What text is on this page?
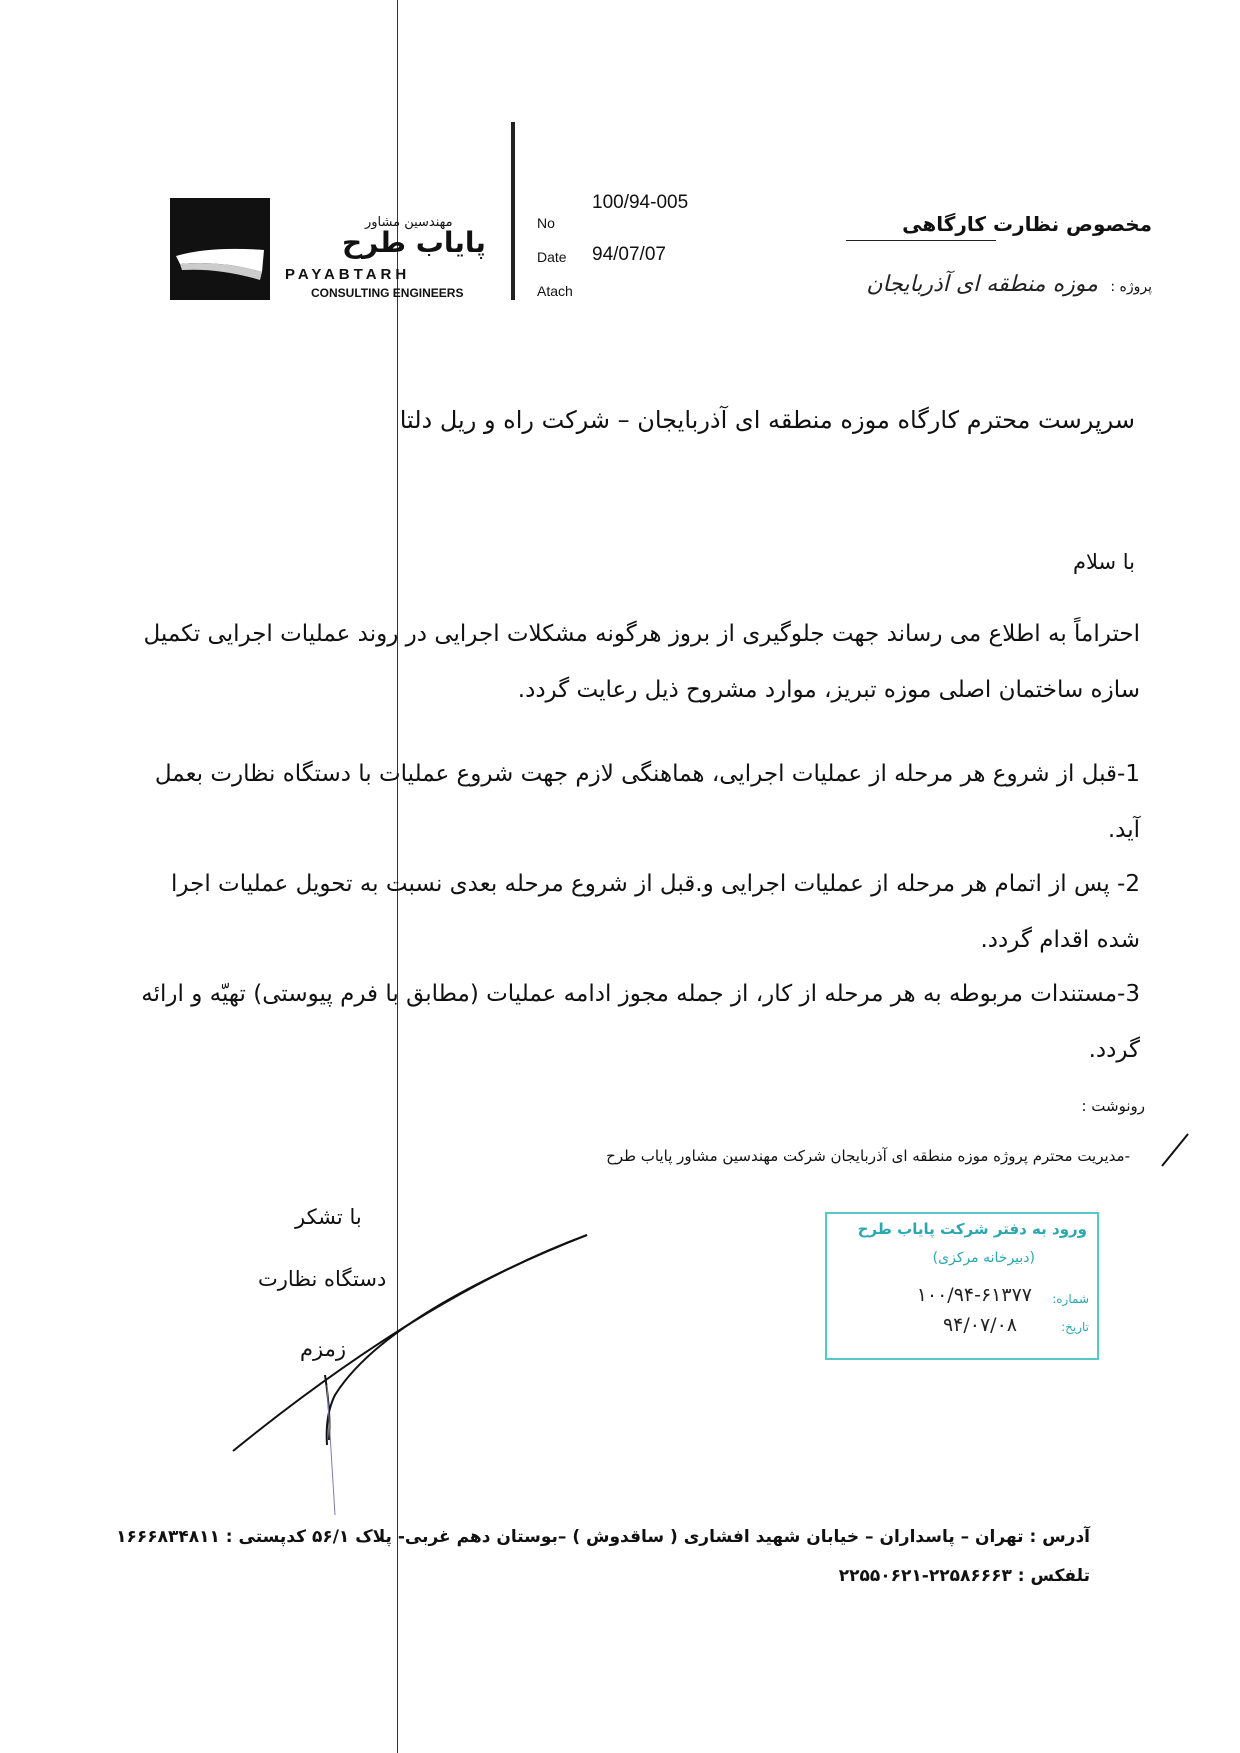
مهندسین مشاور
پایاب طرح
PAYABTARH
CONSULTING ENGINEERS
No
100/94-005
Date 94/07/07
Atach
مخصوص نظارت کارگاهی
پروژه : موزه منطقه ای آذربایجان
سرپرست محترم کارگاه موزه منطقه ای آذربایجان – شرکت راه و ریل دلتا
با سلام
احتراماً به اطلاع می رساند جهت جلوگیری از بروز هرگونه مشکلات اجرایی در روند عملیات اجرایی تکمیل سازه ساختمان اصلی موزه تبریز، موارد مشروح ذیل رعایت گردد.
1-قبل از شروع هر مرحله از عملیات اجرایی، هماهنگی لازم جهت شروع عملیات با دستگاه نظارت بعمل آید.
2- پس از اتمام هر مرحله از عملیات اجرایی و.قبل از شروع مرحله بعدی نسبت به تحویل عملیات اجرا شده اقدام گردد.
3-مستندات مربوطه به هر مرحله از کار، از جمله مجوز ادامه عملیات (مطابق با فرم پیوستی) تهیّه و ارائه گردد.
رونوشت :
-مدیریت محترم پروژه موزه منطقه ای آذربایجان شرکت مهندسین مشاور پایاب طرح
با تشکر
دستگاه نظارت
زمزم
ورود به دفتر شرکت پایاب طرح
(دبیرخانه مرکزی)
شماره:
۱۰۰/۹۴-۶۱۳۷۷
تاریخ:
۹۴/۰۷/۰۸
آدرس : تهران – پاسداران – خیابان شهید افشاری ( ساقدوش ) –بوستان دهم غربی- پلاک ۵۶/۱ کدپستی : ۱۶۶۶۸۳۴۸۱۱
تلفکس : ۲۲۵۸۶۶۶۳-۲۲۵۵۰۶۲۱
